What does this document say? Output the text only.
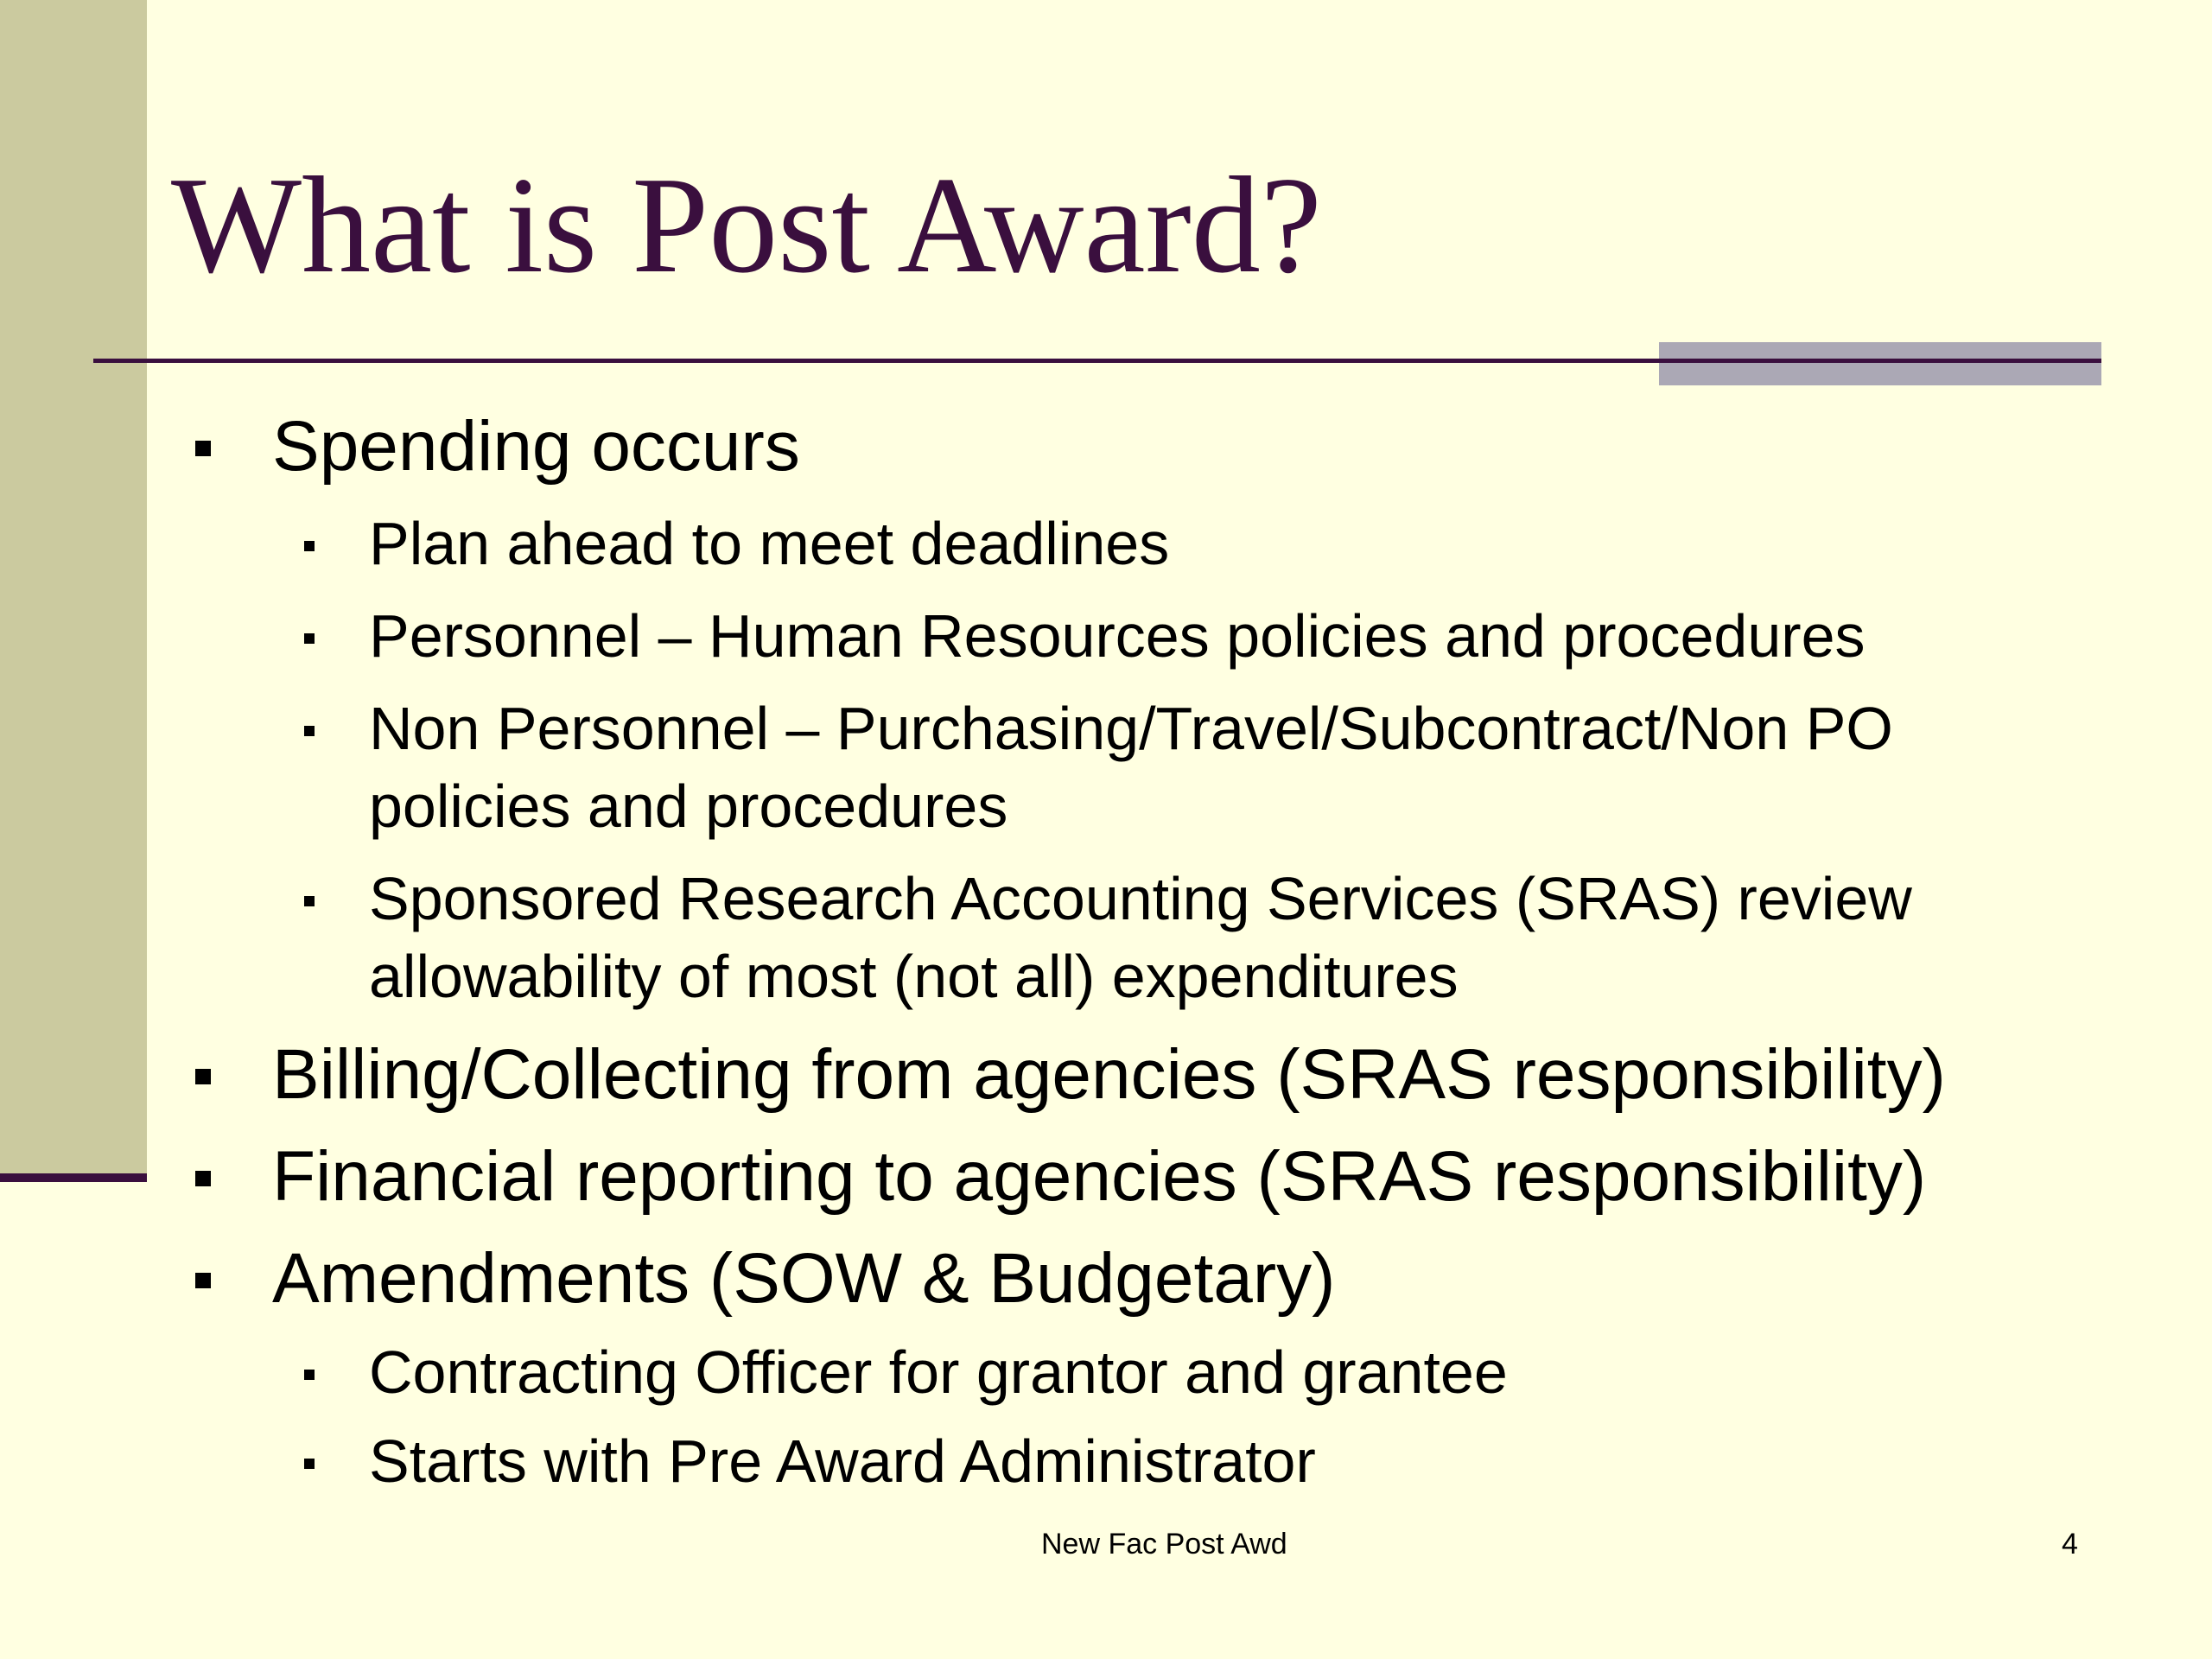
What is Post Award?
Spending occurs
Plan ahead to meet deadlines
Personnel – Human Resources policies and procedures
Non Personnel – Purchasing/Travel/Subcontract/Non PO
policies and procedures
Sponsored Research Accounting Services (SRAS) review
allowability of most (not all) expenditures
Billing/Collecting from agencies (SRAS responsibility)
Financial reporting to agencies (SRAS responsibility)
Amendments (SOW & Budgetary)
Contracting Officer for grantor and grantee
Starts with Pre Award Administrator
New Fac Post Awd	4
